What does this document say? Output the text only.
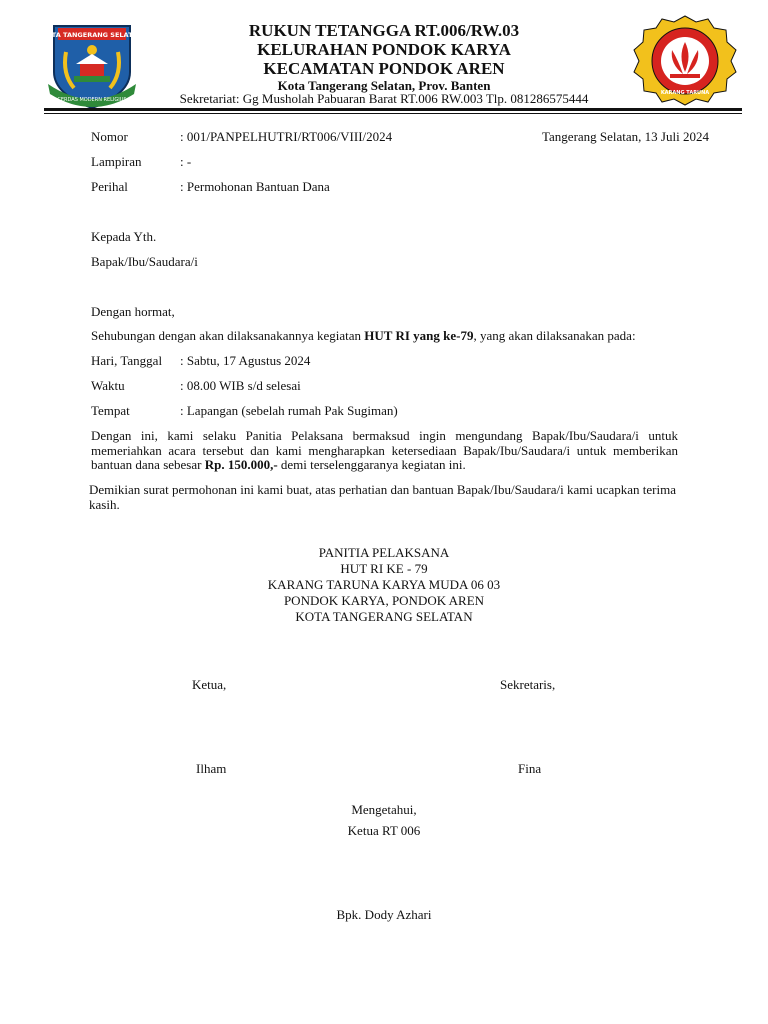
KOTA TANGERANG SELATAN
CERDAS MODERN RELIGIUS
KARANG TARUNA
RUKUN TETANGGA RT.006/RW.03
KELURAHAN PONDOK KARYA
KECAMATAN PONDOK AREN
Kota Tangerang Selatan, Prov. Banten
Sekretariat: Gg Musholah Pabuaran Barat RT.006 RW.003 Tlp. 081286575444
Nomor	: 001/PANPELHUTRI/RT006/VIII/2024	Tangerang Selatan, 13 Juli 2024
Lampiran	: -
Perihal	: Permohonan Bantuan Dana
Kepada Yth.
Bapak/Ibu/Saudara/i
Dengan hormat,
Sehubungan dengan akan dilaksanakannya kegiatan HUT RI yang ke-79, yang akan dilaksanakan pada:
Hari, Tanggal : Sabtu, 17 Agustus 2024
Waktu	: 08.00 WIB s/d selesai
Tempat	: Lapangan (sebelah rumah Pak Sugiman)
Dengan ini, kami selaku Panitia Pelaksana bermaksud ingin mengundang Bapak/Ibu/Saudara/i untuk memeriahkan acara tersebut dan kami mengharapkan ketersediaan Bapak/Ibu/Saudara/i untuk memberikan bantuan dana sebesar Rp. 150.000,- demi terselenggaranya kegiatan ini.
Demikian surat permohonan ini kami buat, atas perhatian dan bantuan Bapak/Ibu/Saudara/i kami ucapkan terima kasih.
PANITIA PELAKSANA
HUT RI KE - 79
KARANG TARUNA KARYA MUDA 06 03
PONDOK KARYA, PONDOK AREN
KOTA TANGERANG SELATAN
Ketua,	Sekretaris,
Ilham	Fina
Mengetahui,
Ketua RT 006
Bpk. Dody Azhari
